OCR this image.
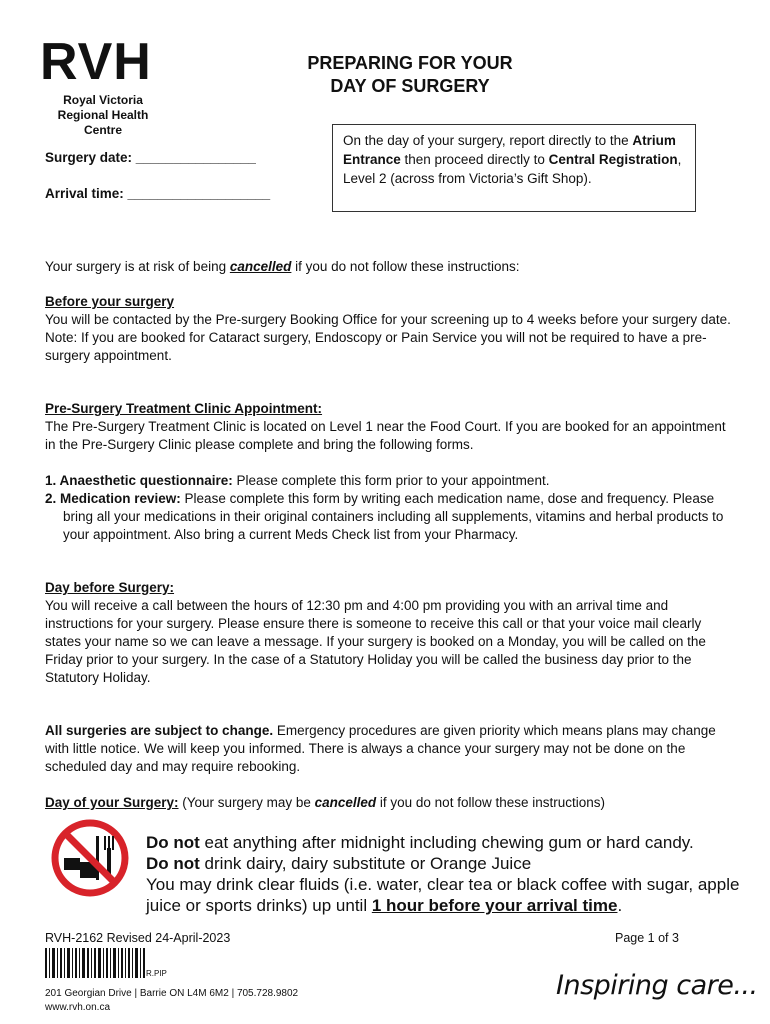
RVH
Royal Victoria
Regional Health Centre
PREPARING FOR YOUR
DAY OF SURGERY
Surgery date: ________________
Arrival time: ___________________
On the day of your surgery, report directly to the Atrium Entrance then proceed directly to Central Registration, Level 2 (across from Victoria’s Gift Shop).
Your surgery is at risk of being cancelled if you do not follow these instructions:
Before your surgery
You will be contacted by the Pre-surgery Booking Office for your screening up to 4 weeks before your surgery date.
Note: If you are booked for Cataract surgery, Endoscopy or Pain Service you will not be required to have a pre-surgery appointment.
Pre-Surgery Treatment Clinic Appointment:
The Pre-Surgery Treatment Clinic is located on Level 1 near the Food Court. If you are booked for an appointment in the Pre-Surgery Clinic please complete and bring the following forms.
1. Anaesthetic questionnaire: Please complete this form prior to your appointment.
2. Medication review: Please complete this form by writing each medication name, dose and frequency. Please bring all your medications in their original containers including all supplements, vitamins and herbal products to your appointment. Also bring a current Meds Check list from your Pharmacy.
Day before Surgery:
You will receive a call between the hours of 12:30 pm and 4:00 pm providing you with an arrival time and instructions for your surgery. Please ensure there is someone to receive this call or that your voice mail clearly states your name so we can leave a message. If your surgery is booked on a Monday, you will be called on the Friday prior to your surgery. In the case of a Statutory Holiday you will be called the business day prior to the Statutory Holiday.
All surgeries are subject to change. Emergency procedures are given priority which means plans may change with little notice. We will keep you informed. There is always a chance your surgery may not be done on the scheduled day and may require rebooking.
Day of your Surgery: (Your surgery may be cancelled if you do not follow these instructions)
Do not eat anything after midnight including chewing gum or hard candy.
Do not drink dairy, dairy substitute or Orange Juice
You may drink clear fluids (i.e. water, clear tea or black coffee with sugar, apple juice or sports drinks) up until 1 hour before your arrival time.
RVH-2162 Revised 24-April-2023	Page 1 of 3
R.PIP
201 Georgian Drive | Barrie ON L4M 6M2 | 705.728.9802
www.rvh.on.ca
Inspiring care...
